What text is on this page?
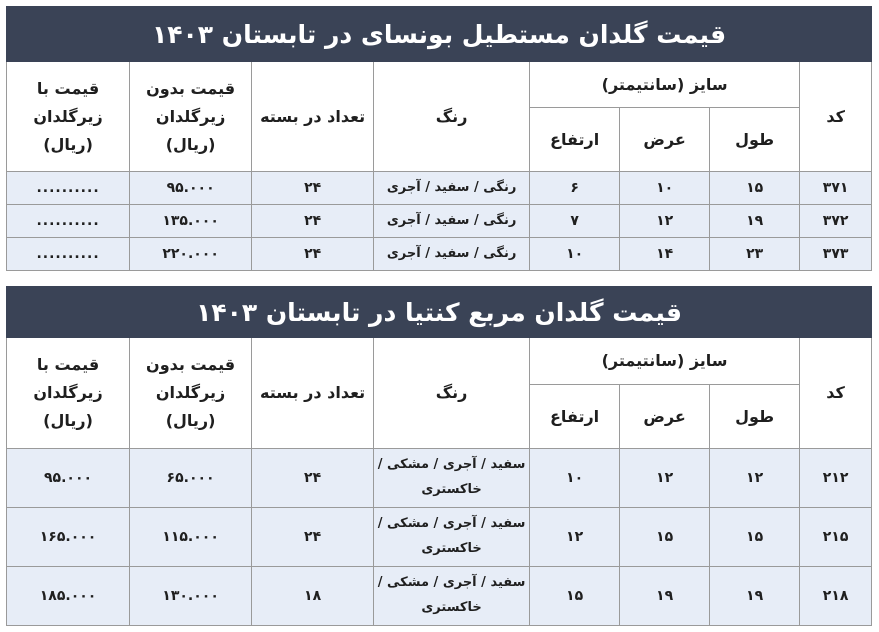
قیمت گلدان مستطیل بونسای در تابستان ۱۴۰۳							
کد	سایز (سانتیمتر)			رنگ	تعداد در بسته	قیمت بدون زیرگلدان (ریال)	قیمت با زیرگلدان (ریال)
	طول	عرض	ارتفاع				
۳۷۱	۱۵	۱۰	۶	رنگی / سفید / آجری	۲۴	۹۵.۰۰۰	..........
۳۷۲	۱۹	۱۲	۷	رنگی / سفید / آجری	۲۴	۱۳۵.۰۰۰	..........
۳۷۳	۲۳	۱۴	۱۰	رنگی / سفید / آجری	۲۴	۲۲۰.۰۰۰	..........
قیمت گلدان مربع کنتیا در تابستان ۱۴۰۳							
کد	سایز (سانتیمتر)			رنگ	تعداد در بسته	قیمت بدون زیرگلدان (ریال)	قیمت با زیرگلدان (ریال)
	طول	عرض	ارتفاع				
۲۱۲	۱۲	۱۲	۱۰	سفید / آجری / مشکی / خاکستری	۲۴	۶۵.۰۰۰	۹۵.۰۰۰
۲۱۵	۱۵	۱۵	۱۲	سفید / آجری / مشکی / خاکستری	۲۴	۱۱۵.۰۰۰	۱۶۵.۰۰۰
۲۱۸	۱۹	۱۹	۱۵	سفید / آجری / مشکی / خاکستری	۱۸	۱۳۰.۰۰۰	۱۸۵.۰۰۰
